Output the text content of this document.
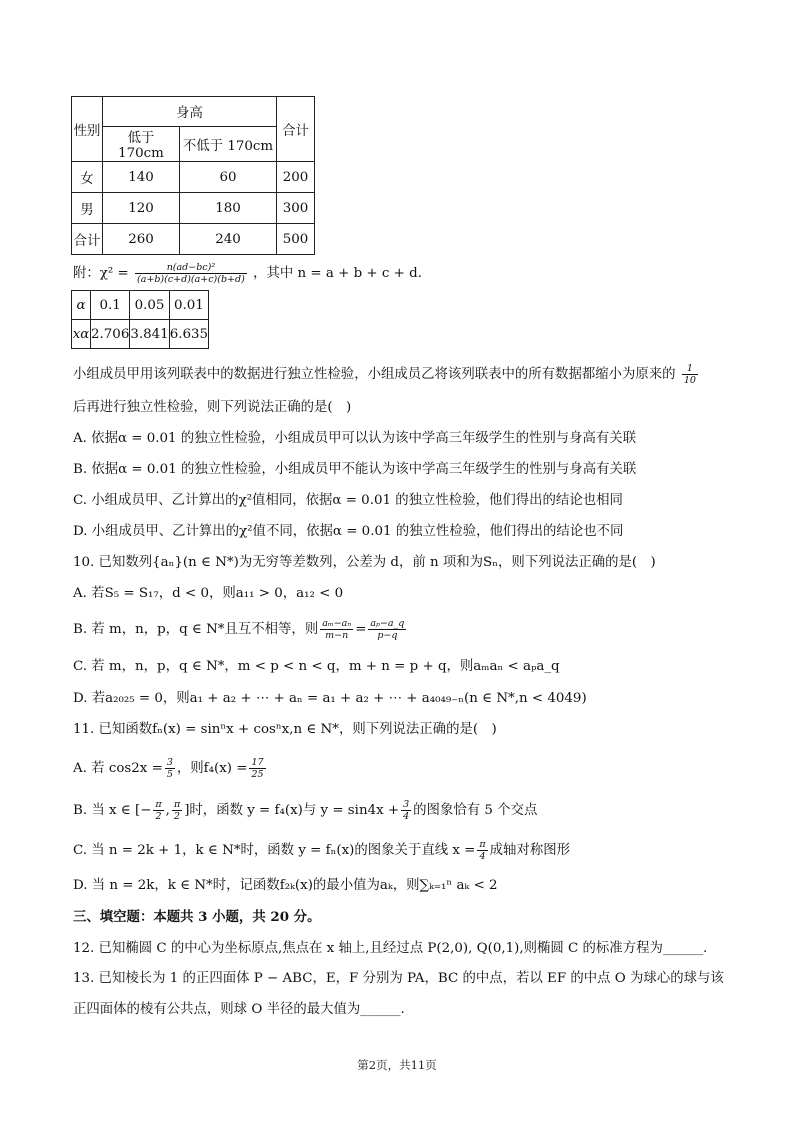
性别	身高		合计
	低于 170cm	不低于 170cm	
女	140	60	200
男	120	180	300
合计	260	240	500
附：$\chi^2 = \frac{\text{n(ad−bc)²}}{(a+b)(c+d)(a+c)(b+d)}$ ，其中 n = a + b + c + d.
α	0.1	0.05	0.01
xα	2.706	3.841	6.635
小组成员甲用该列联表中的数据进行独立性检验，小组成员乙将该列联表中的所有数据都缩小为原来的 $\frac{1}{10}$
后再进行独立性检验，则下列说法正确的是(　)
A. 依据α = 0.01 的独立性检验，小组成员甲可以认为该中学高三年级学生的性别与身高有关联
B. 依据α = 0.01 的独立性检验，小组成员甲不能认为该中学高三年级学生的性别与身高有关联
C. 小组成员甲、乙计算出的χ²值相同，依据α = 0.01 的独立性检验，他们得出的结论也相同
D. 小组成员甲、乙计算出的χ²值不同，依据α = 0.01 的独立性检验，他们得出的结论也不同
10. 已知数列{aₙ}(n ∈ N*)为无穷等差数列，公差为 d，前 n 项和为Sₙ，则下列说法正确的是(　)
A. 若S₅ = S₁₇，d < 0，则a₁₁ > 0，a₁₂ < 0
B. 若 m，n，p，q ∈ N*且互不相等，则 $\frac{\text{aₘ−aₙ}}{m-n} = \frac{\text{aₚ−a\_q}}{p-q}$
C. 若 m，n，p，q ∈ N*，m < p < n < q，m + n = p + q，则aₘaₙ < aₚa_q
D. 若a₂₀₂₅ = 0，则a₁ + a₂ + ⋯ + aₙ = a₁ + a₂ + ⋯ + a₄₀₄₉₋ₙ(n ∈ N*,n < 4049)
11. 已知函数fₙ(x) = sinⁿx + cosⁿx,n ∈ N*，则下列说法正确的是(　)
A. 若 $\cos 2x = \frac{3}{5}$ ，则$f_4(x) = \frac{17}{25}$
B. 当 x ∈ [− $\frac{\pi}{2}$ , $\frac{\pi}{2}$ ]时，函数 y = f₄(x)与 $y = \sin 4x + \frac{3}{4}$ 的图象恰有 5 个交点
C. 当 n = 2k + 1，k ∈ N*时，函数 y = fₙ(x)的图象关于直线 $x = \frac{\pi}{4}$ 成轴对称图形
D. 当 n = 2k，k ∈ N*时，记函数f₂ₖ(x)的最小值为aₖ，则∑ₖ₌₁ⁿ aₖ < 2
三、填空题：本题共 3 小题，共 20 分。
12. 已知椭圆 C 的中心为坐标原点,焦点在 x 轴上,且经过点 P(2,0), Q(0,1),则椭圆 C 的标准方程为______.
13. 已知棱长为 1 的正四面体 P − ABC，E，F 分别为 PA，BC 的中点，若以 EF 的中点 O 为球心的球与该
正四面体的棱有公共点，则球 O 半径的最大值为______.
第2页，共11页
